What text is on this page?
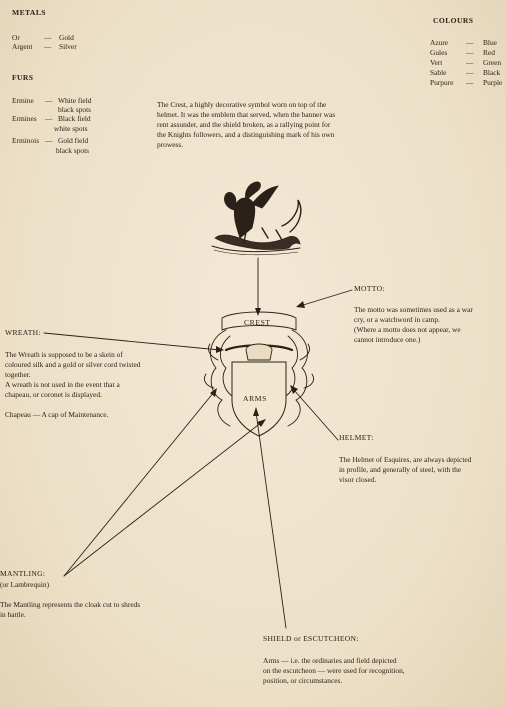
METALS
Or	— Gold
Argent — Silver
FURS
Ermine — White field
black spots
Ermines — Black field
white spots
Erminois — Gold field
black spots
COLOURS
Azure — Blue
Gules	— Red
Vert	— Green
Sable	— Black
Purpure — Purple
The Crest, a highly decorative symbol worn on top of the
helmet. It was the emblem that served, when the banner was
rent assunder, and the shield broken, as a rallying point for
the Knights followers, and a distinguishing mark of his own
prowess.
CREST
ARMS
MOTTO:
The motto was sometimes used as a war
cry, or a watchword in camp.
(Where a motto does not appear, we
cannot introduce one.)
WREATH:
The Wreath is supposed to be a skein of
coloured silk and a gold or silver cord twisted
together.
A wreath is not used in the event that a
chapeau, or coronet is displayed.
Chapeau — A cap of Maintenance.
HELMET:
The Helmet of Esquires, are always depicted
in profile, and generally of steel, with the
visor closed.
MANTLING:
(or Lambrequin)
The Mantling represents the cloak cut to shreds
in battle.
SHIELD or ESCUTCHEON:
Arms — i.e. the ordinaries and field depicted
on the escutcheon — were used for recognition,
position, or circumstances.
